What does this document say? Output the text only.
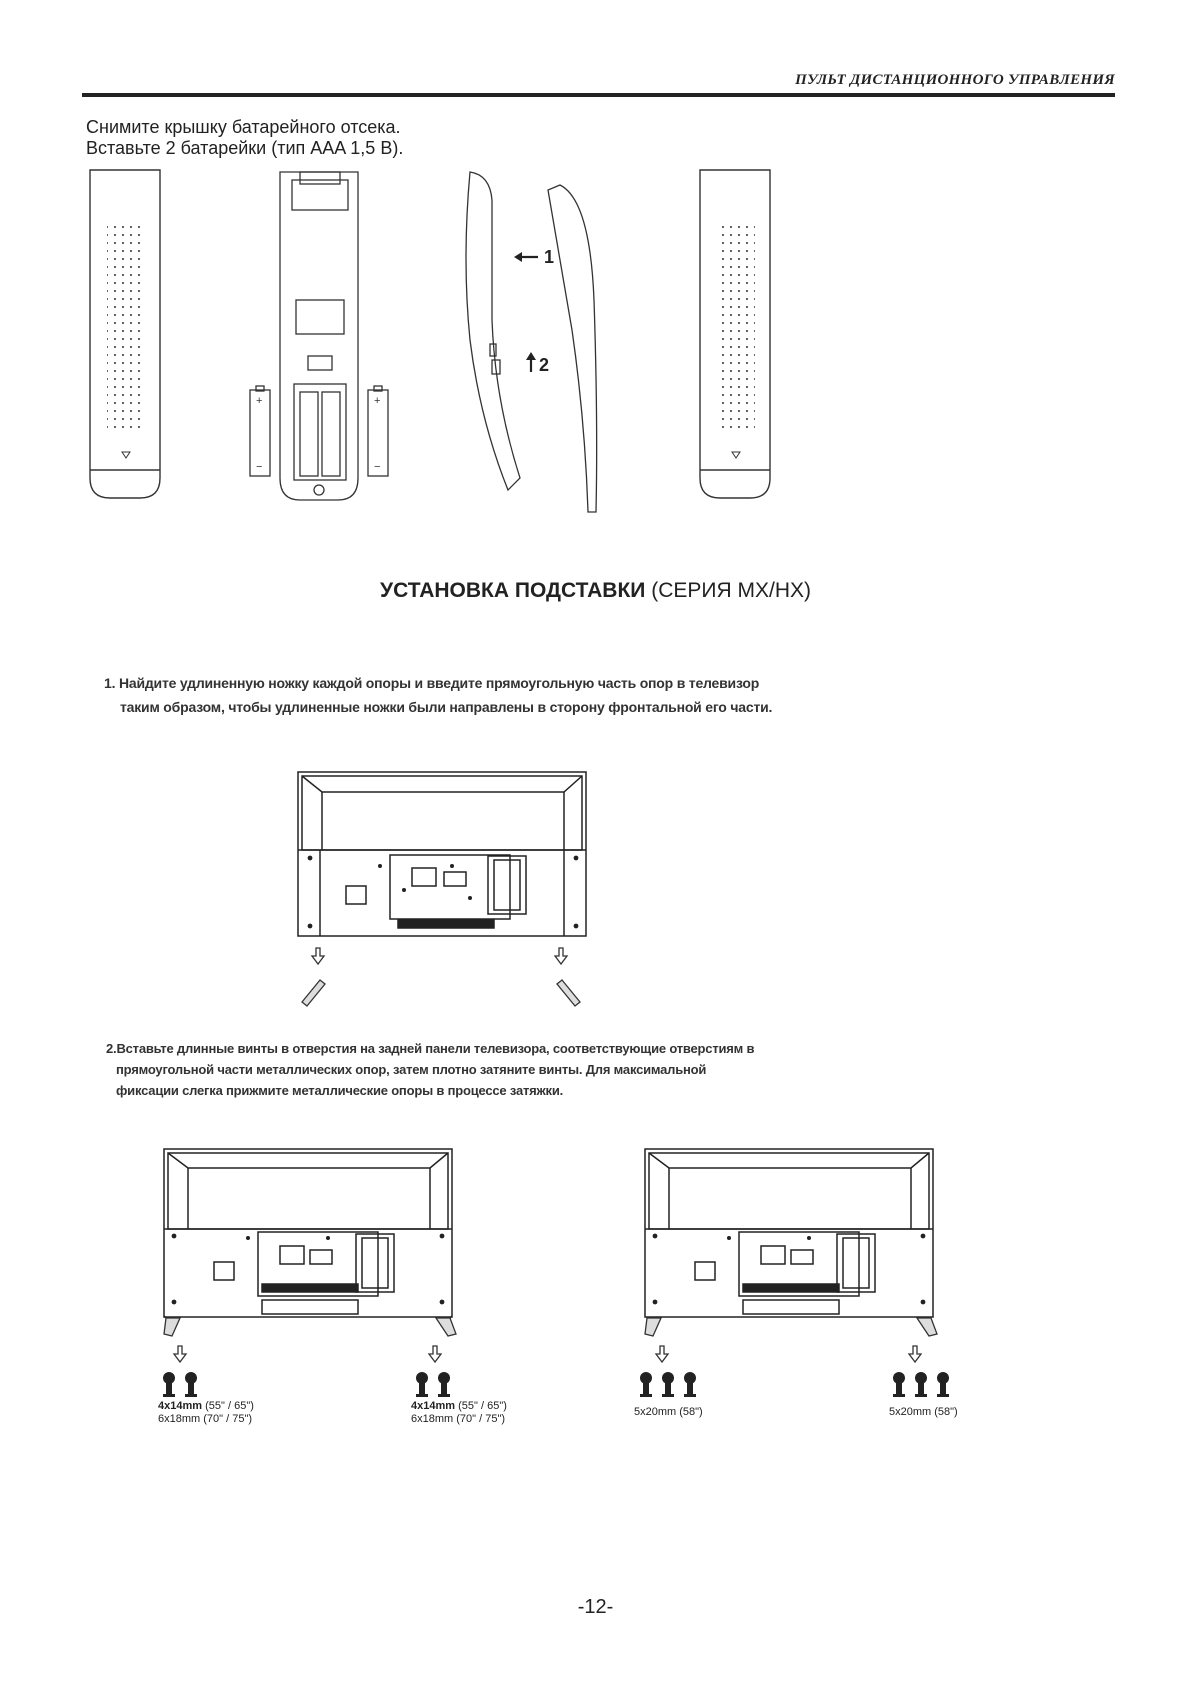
ПУЛЬТ ДИСТАНЦИОННОГО УПРАВЛЕНИЯ
Снимите крышку батарейного отсека.
Вставьте 2 батарейки (тип AAA 1,5 В).
+
−
+
−
1
2
УСТАНОВКА ПОДСТАВКИ (СЕРИЯ MX/HX)
1. Найдите удлиненную ножку каждой опоры и введите прямоугольную часть опор в телевизор
таким образом, чтобы удлиненные ножки были направлены в сторону фронтальной его части.
2.Вставьте длинные винты в отверстия на задней панели телевизора, соответствующие отверстиям в
прямоугольной части металлических опор, затем плотно затяните винты. Для максимальной
фиксации слегка прижмите металлические опоры в процессе затяжки.
4x14mm (55" / 65")
6x18mm (70" / 75")
4x14mm (55" / 65")
6x18mm (70" / 75")
5x20mm (58")	5x20mm (58")
-12-
